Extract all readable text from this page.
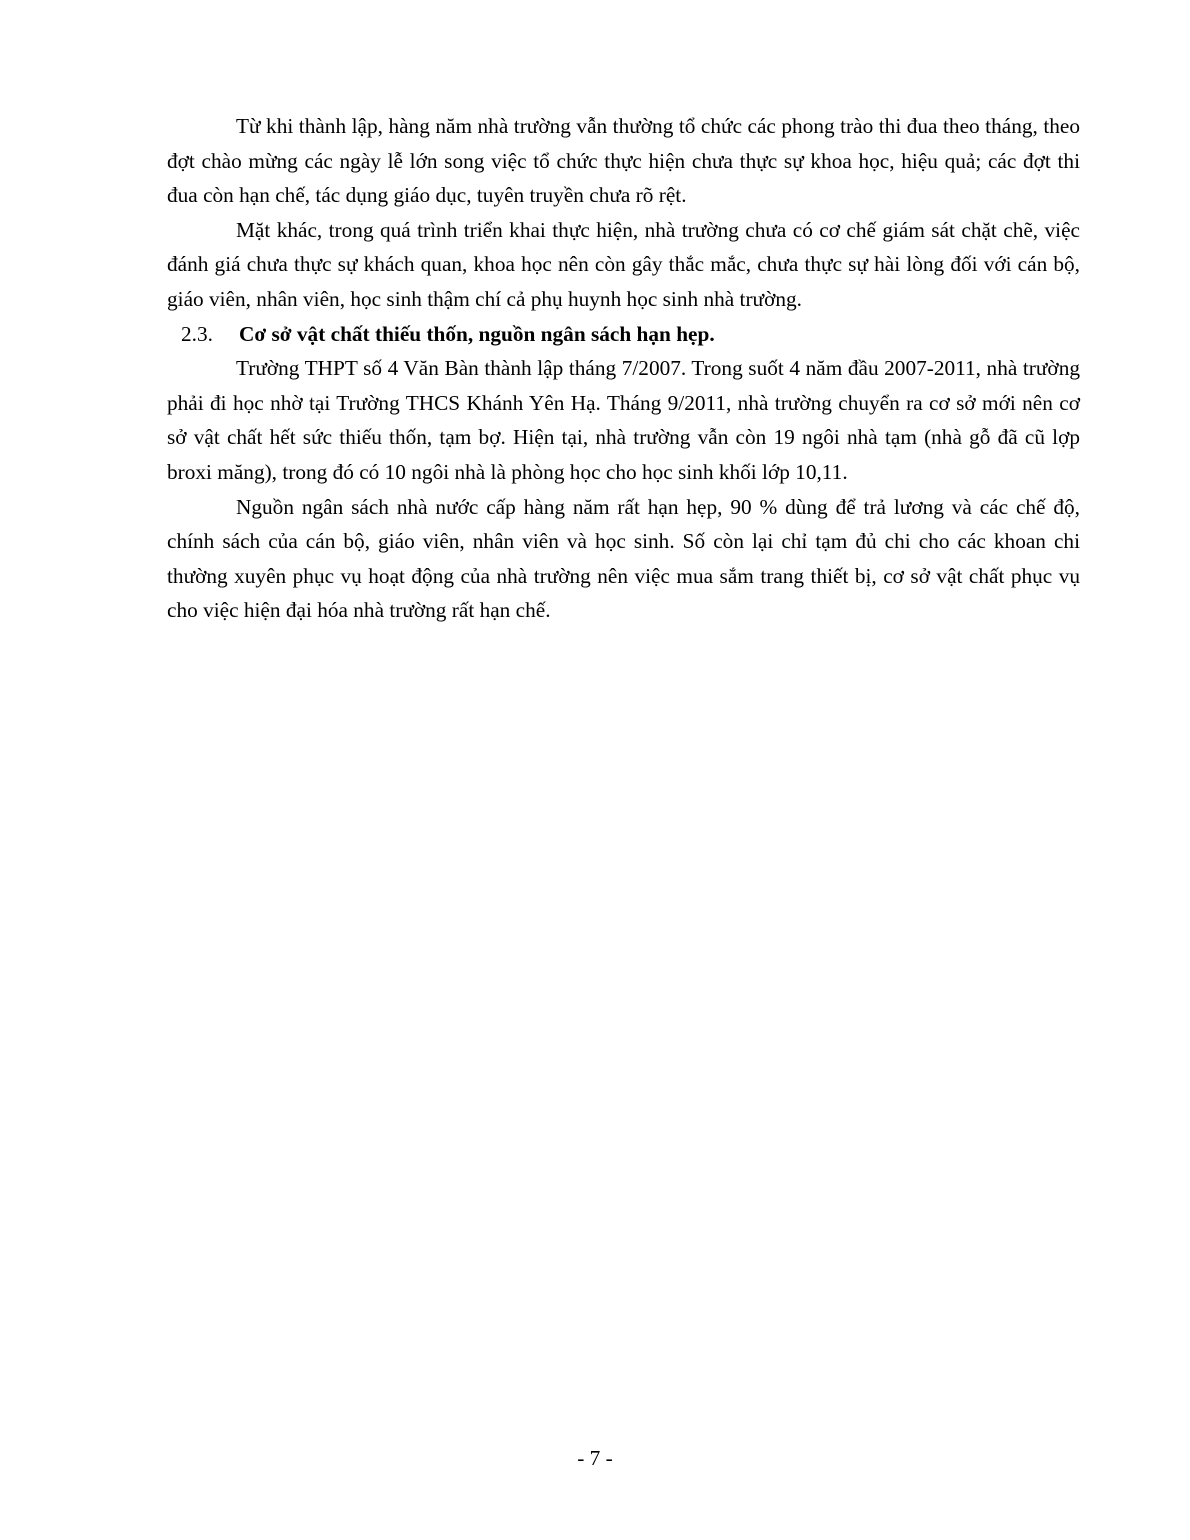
Từ khi thành lập, hàng năm nhà trường vẫn thường tổ chức các phong trào thi đua theo tháng, theo đợt chào mừng các ngày lễ lớn song việc tổ chức thực hiện chưa thực sự khoa học, hiệu quả; các đợt thi đua còn hạn chế, tác dụng giáo dục, tuyên truyền chưa rõ rệt.

Mặt khác, trong quá trình triển khai thực hiện, nhà trường chưa có cơ chế giám sát chặt chẽ, việc đánh giá chưa thực sự khách quan, khoa học nên còn gây thắc mắc, chưa thực sự hài lòng đối với cán bộ, giáo viên, nhân viên, học sinh thậm chí cả phụ huynh học sinh nhà trường.

2.3.	Cơ sở vật chất thiếu thốn, nguồn ngân sách hạn hẹp.

Trường THPT số 4 Văn Bàn thành lập tháng 7/2007. Trong suốt 4 năm đầu 2007-2011, nhà trường phải đi học nhờ tại Trường THCS Khánh Yên Hạ. Tháng 9/2011, nhà trường chuyển ra cơ sở mới nên cơ sở vật chất hết sức thiếu thốn, tạm bợ. Hiện tại, nhà trường vẫn còn 19 ngôi nhà tạm (nhà gỗ đã cũ lợp broxi măng), trong đó có 10 ngôi nhà là phòng học cho học sinh khối lớp 10,11.

Nguồn ngân sách nhà nước cấp hàng năm rất hạn hẹp, 90 % dùng để trả lương và các chế độ, chính sách của cán bộ, giáo viên, nhân viên và học sinh. Số còn lại chỉ tạm đủ chi cho các khoan chi thường xuyên phục vụ hoạt động của nhà trường nên việc mua sắm trang thiết bị, cơ sở vật chất phục vụ cho việc hiện đại hóa nhà trường rất hạn chế.

- 7 -
